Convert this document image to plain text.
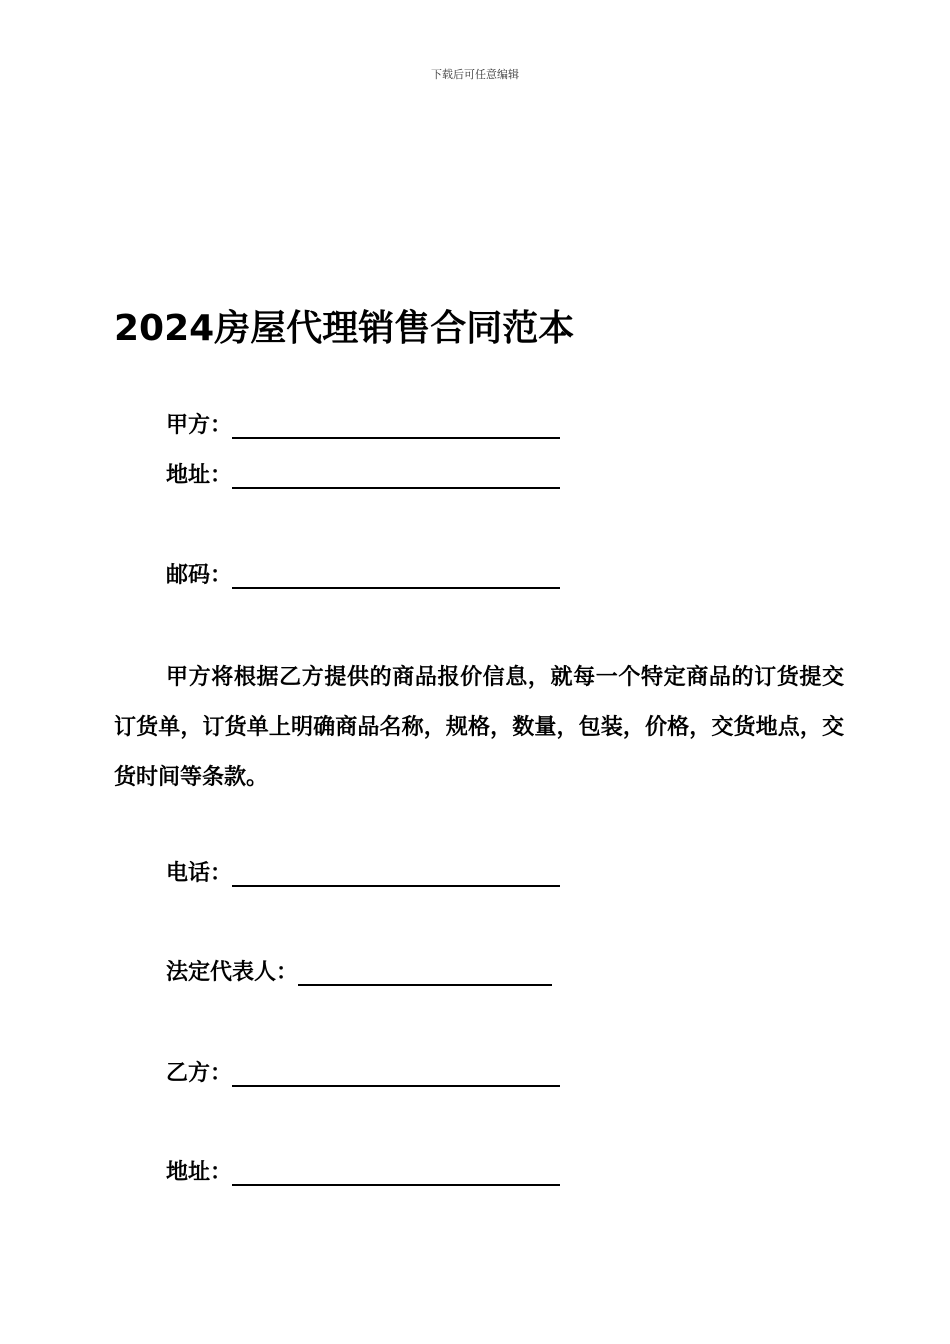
下载后可任意编辑
2024房屋代理销售合同范本
甲方：
地址：
邮码：
甲方将根据乙方提供的商品报价信息，就每一个特定商品的订货提交订货单，订货单上明确商品名称，规格，数量，包装，价格，交货地点，交货时间等条款。
电话：
法定代表人：
乙方：
地址：
